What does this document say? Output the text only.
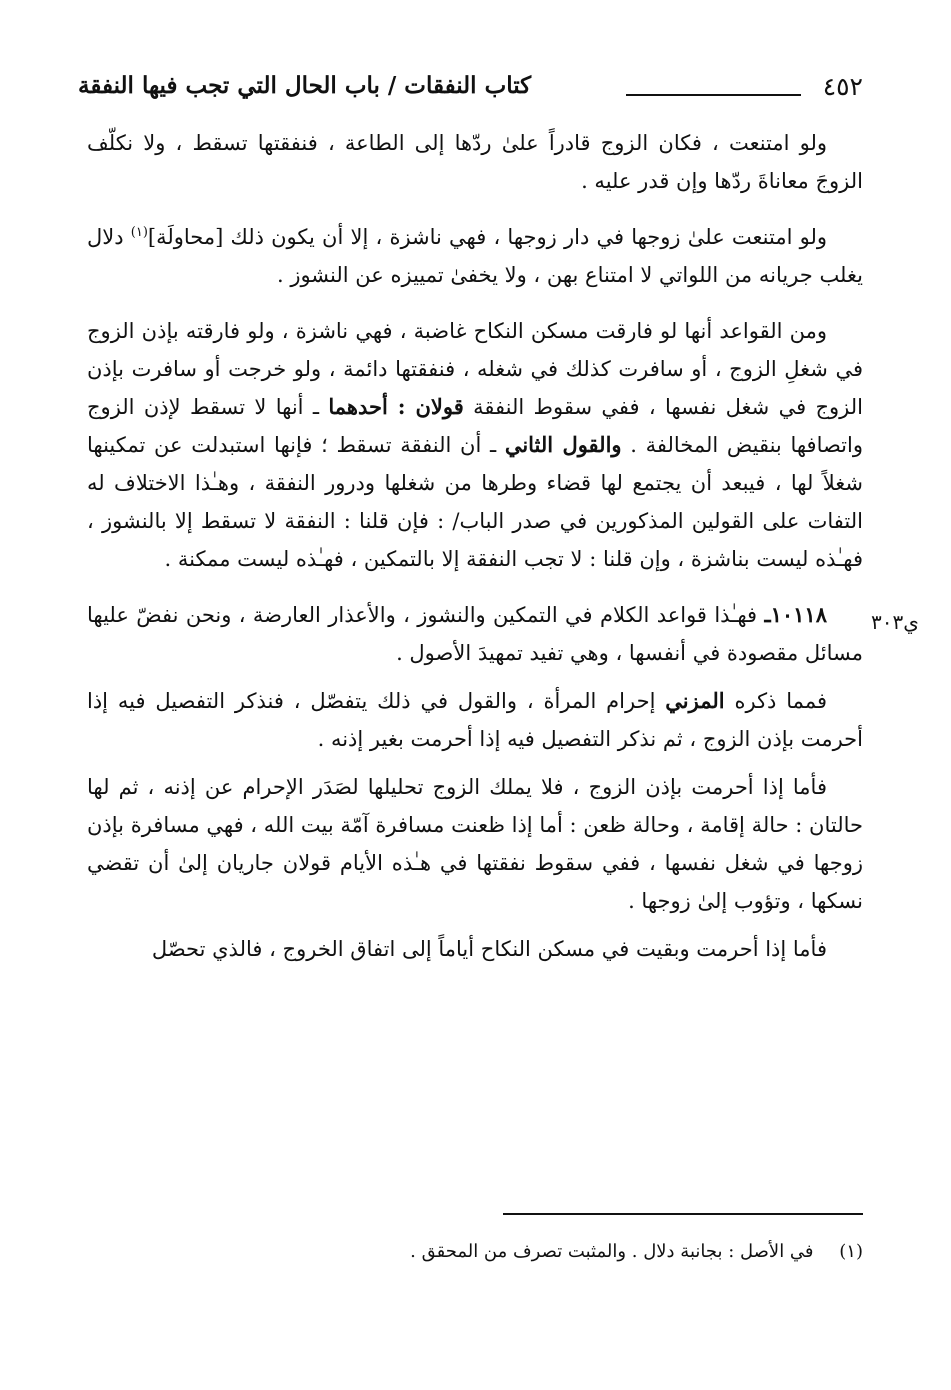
٤٥٢
كتاب النفقات / باب الحال التي تجب فيها النفقة
ي٣٠٣

ولو امتنعت ، فكان الزوج قادراً علىٰ ردّها إلى الطاعة ، فنفقتها تسقط ، ولا نكلّف الزوجَ معاناةَ ردّها وإن قدر عليه .

ولو امتنعت علىٰ زوجها في دار زوجها ، فهي ناشزة ، إلا أن يكون ذلك [محاولَة]$^{(١)}$ دلال يغلب جريانه من اللواتي لا امتناع بهن ، ولا يخفىٰ تمييزه عن النشوز .

ومن القواعد أنها لو فارقت مسكن النكاح غاضبة ، فهي ناشزة ، ولو فارقته بإذن الزوج في شغلِ الزوج ، أو سافرت كذلك في شغله ، فنفقتها دائمة ، ولو خرجت أو سافرت بإذن الزوج في شغل نفسها ، ففي سقوط النفقة قولان : أحدهما ـ أنها لا تسقط لإذن الزوج واتصافها بنقيض المخالفة . والقول الثاني ـ أن النفقة تسقط ؛ فإنها استبدلت عن تمكينها شغلاً لها ، فيبعد أن يجتمع لها قضاء وطرها من شغلها ودرور النفقة ، وهـٰذا الاختلاف له التفات على القولين المذكورين في صدر الباب/ : فإن قلنا : النفقة لا تسقط إلا بالنشوز ، فهـٰذه ليست بناشزة ، وإن قلنا : لا تجب النفقة إلا بالتمكين ، فهـٰذه ليست ممكنة .

١٠١١٨ـ فهـٰذا قواعد الكلام في التمكين والنشوز ، والأعذار العارضة ، ونحن نفضّ عليها مسائل مقصودة في أنفسها ، وهي تفيد تمهيدَ الأصول .

فمما ذكره المزني إحرام المرأة ، والقول في ذلك يتفصّل ، فنذكر التفصيل فيه إذا أحرمت بإذن الزوج ، ثم نذكر التفصيل فيه إذا أحرمت بغير إذنه .

فأما إذا أحرمت بإذن الزوج ، فلا يملك الزوج تحليلها لصَدَر الإحرام عن إذنه ، ثم لها حالتان : حالة إقامة ، وحالة ظعن : أما إذا ظعنت مسافرة آمّة بيت الله ، فهي مسافرة بإذن زوجها في شغل نفسها ، ففي سقوط نفقتها في هـٰذه الأيام قولان جاريان إلىٰ أن تقضي نسكها ، وتؤوب إلىٰ زوجها .

فأما إذا أحرمت وبقيت في مسكن النكاح أياماً إلى اتفاق الخروج ، فالذي تحصّل

(١) في الأصل : بجانبة دلال . والمثبت تصرف من المحقق .
